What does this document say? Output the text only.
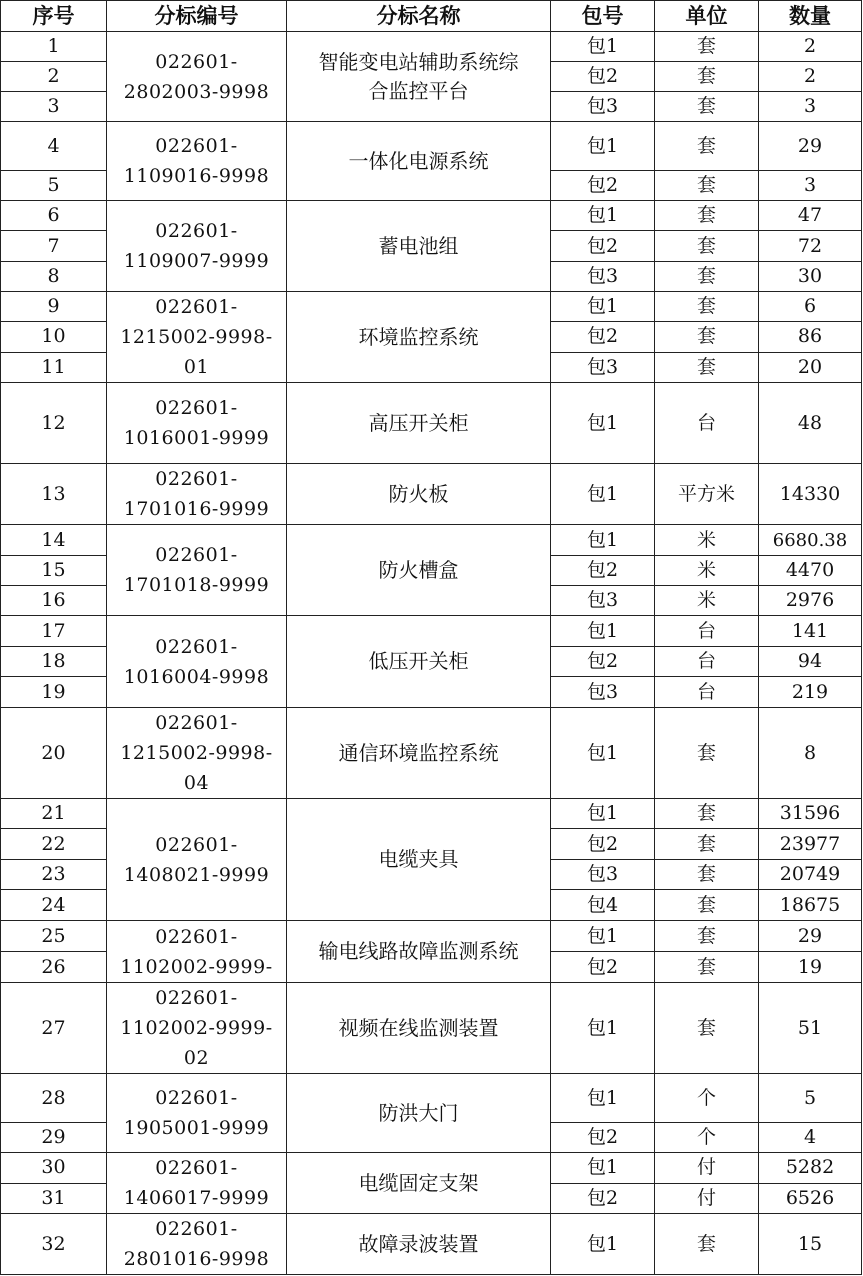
序号	分标编号	分标名称	包号	单位	数量
1	022601-
2802003-9998	智能变电站辅助系统综
合监控平台	包1	套	2
2			包2	套	2
3			包3	套	3
4	022601-
1109016-9998	一体化电源系统	包1	套	29
5			包2	套	3
6	022601-
1109007-9999	蓄电池组	包1	套	47
7			包2	套	72
8			包3	套	30
9	022601-
1215002-9998-
01	环境监控系统	包1	套	6
10			包2	套	86
11			包3	套	20
12	022601-
1016001-9999	高压开关柜	包1	台	48
13	022601-
1701016-9999	防火板	包1	平方米	14330
14	022601-
1701018-9999	防火槽盒	包1	米	6680.38
15			包2	米	4470
16			包3	米	2976
17	022601-
1016004-9998	低压开关柜	包1	台	141
18			包2	台	94
19			包3	台	219
20	022601-
1215002-9998-
04	通信环境监控系统	包1	套	8
21	022601-
1408021-9999	电缆夹具	包1	套	31596
22			包2	套	23977
23			包3	套	20749
24			包4	套	18675
25	022601-
1102002-9999-	输电线路故障监测系统	包1	套	29
26			包2	套	19
27	022601-
1102002-9999-
02	视频在线监测装置	包1	套	51
28	022601-
1905001-9999	防洪大门	包1	个	5
29			包2	个	4
30	022601-
1406017-9999	电缆固定支架	包1	付	5282
31			包2	付	6526
32	022601-
2801016-9998	故障录波装置	包1	套	15
